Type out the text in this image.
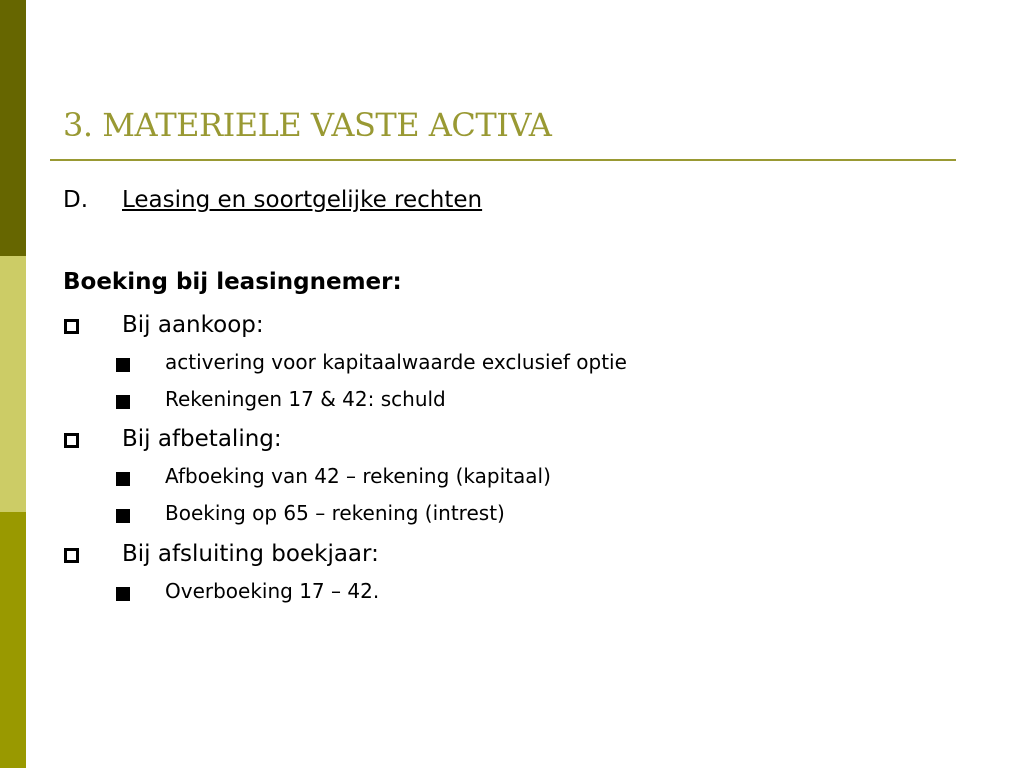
3. MATERIELE VASTE ACTIVA
D. Leasing en soortgelijke rechten
Boeking bij leasingnemer:
Bij aankoop:
activering voor kapitaalwaarde exclusief optie
Rekeningen 17 & 42: schuld
Bij afbetaling:
Afboeking van 42 – rekening (kapitaal)
Boeking op 65 – rekening (intrest)
Bij afsluiting boekjaar:
Overboeking 17 – 42.
